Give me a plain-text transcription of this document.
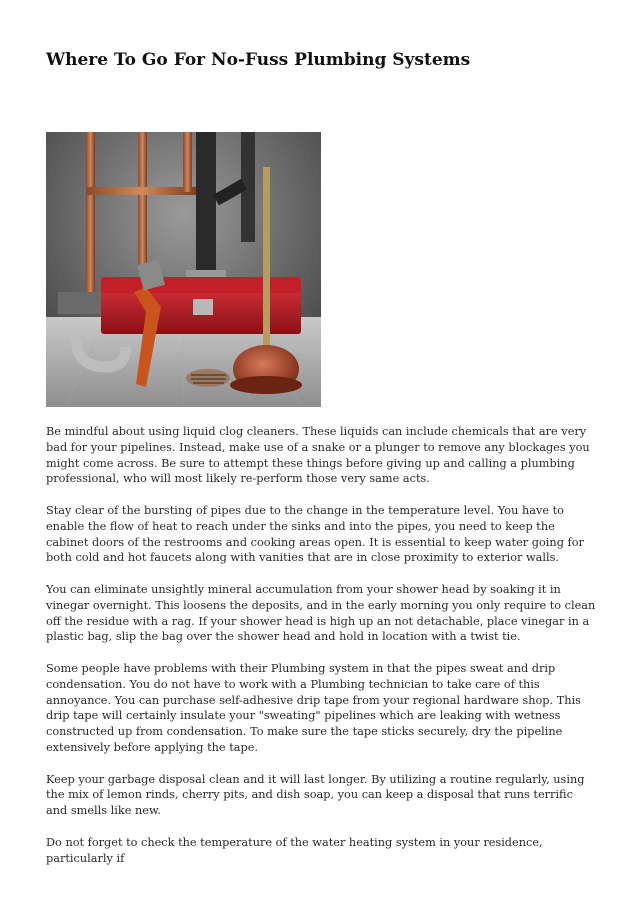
Where To Go For No-Fuss Plumbing Systems

Be mindful about using liquid clog cleaners. These liquids can include chemicals that are very bad for your pipelines. Instead, make use of a snake or a plunger to remove any blockages you might come across. Be sure to attempt these things before giving up and calling a plumbing professional, who will most likely re-perform those very same acts.

Stay clear of the bursting of pipes due to the change in the temperature level. You have to enable the flow of heat to reach under the sinks and into the pipes, you need to keep the cabinet doors of the restrooms and cooking areas open. It is essential to keep water going for both cold and hot faucets along with vanities that are in close proximity to exterior walls.

You can eliminate unsightly mineral accumulation from your shower head by soaking it in vinegar overnight. This loosens the deposits, and in the early morning you only require to clean off the residue with a rag. If your shower head is high up an not detachable, place vinegar in a plastic bag, slip the bag over the shower head and hold in location with a twist tie.

Some people have problems with their Plumbing system in that the pipes sweat and drip condensation. You do not have to work with a Plumbing technician to take care of this annoyance. You can purchase self-adhesive drip tape from your regional hardware shop. This drip tape will certainly insulate your "sweating" pipelines which are leaking with wetness constructed up from condensation. To make sure the tape sticks securely, dry the pipeline extensively before applying the tape.

Keep your garbage disposal clean and it will last longer. By utilizing a routine regularly, using the mix of lemon rinds, cherry pits, and dish soap, you can keep a disposal that runs terrific and smells like new.

Do not forget to check the temperature of the water heating system in your residence, particularly if
